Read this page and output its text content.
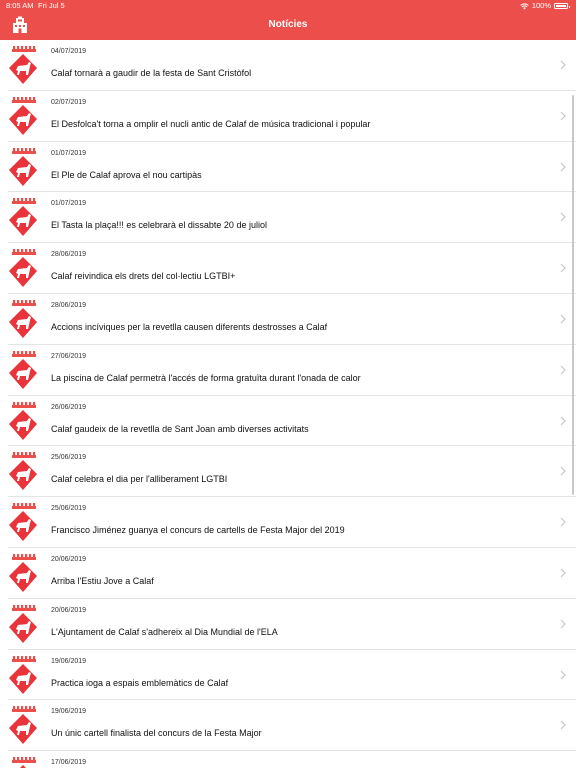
8:05 AM Fri Jul 5	100%
Notícies
04/07/2019
Calaf tornarà a gaudir de la festa de Sant Cristòfol
02/07/2019
El Desfolca't torna a omplir el nucli antic de Calaf de música tradicional i popular
01/07/2019
El Ple de Calaf aprova el nou cartipàs
01/07/2019
El Tasta la plaça!!! es celebrarà el dissabte 20 de juliol
28/06/2019
Calaf reivindica els drets del col·lectiu LGTBI+
28/06/2019
Accions incíviques per la revetlla causen diferents destrosses a Calaf
27/06/2019
La piscina de Calaf permetrà l'accés de forma gratuïta durant l'onada de calor
26/06/2019
Calaf gaudeix de la revetlla de Sant Joan amb diverses activitats
25/06/2019
Calaf celebra el dia per l'alliberament LGTBI
25/06/2019
Francisco Jiménez guanya el concurs de cartells de Festa Major del 2019
20/06/2019
Arriba l'Estiu Jove a Calaf
20/06/2019
L'Ajuntament de Calaf s'adhereix al Dia Mundial de l'ELA
19/06/2019
Practica ioga a espais emblemàtics de Calaf
19/06/2019
Un únic cartell finalista del concurs de la Festa Major
17/06/2019
